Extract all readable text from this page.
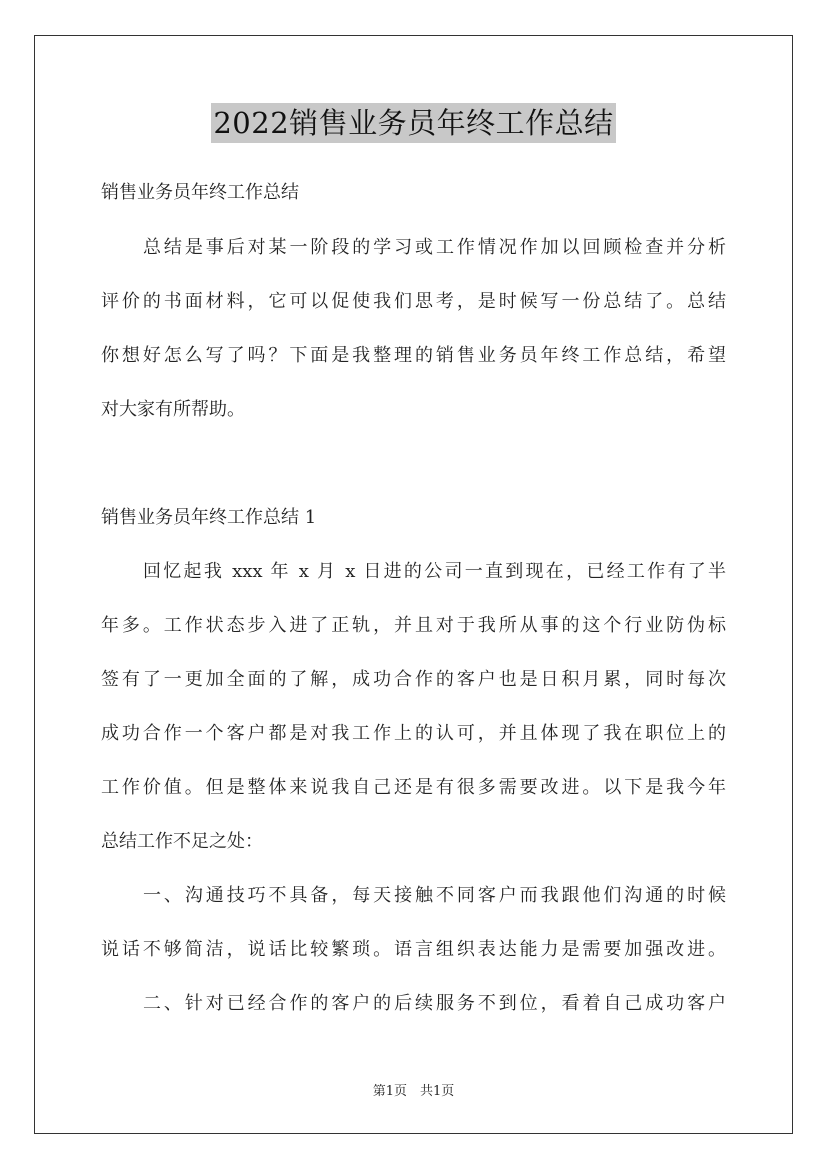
2022销售业务员年终工作总结
销售业务员年终工作总结
总结是事后对某一阶段的学习或工作情况作加以回顾检查并分析
评价的书面材料，它可以促使我们思考，是时候写一份总结了。总结
你想好怎么写了吗？下面是我整理的销售业务员年终工作总结，希望
对大家有所帮助。
销售业务员年终工作总结 1
回忆起我 xxx 年 x 月 x 日进的公司一直到现在，已经工作有了半
年多。工作状态步入进了正轨，并且对于我所从事的这个行业防伪标
签有了一更加全面的了解，成功合作的客户也是日积月累，同时每次
成功合作一个客户都是对我工作上的认可，并且体现了我在职位上的
工作价值。但是整体来说我自己还是有很多需要改进。以下是我今年
总结工作不足之处：
一、沟通技巧不具备，每天接触不同客户而我跟他们沟通的时候
说话不够简洁，说话比较繁琐。语言组织表达能力是需要加强改进。
二、针对已经合作的客户的后续服务不到位，看着自己成功客户
第1页　共1页
